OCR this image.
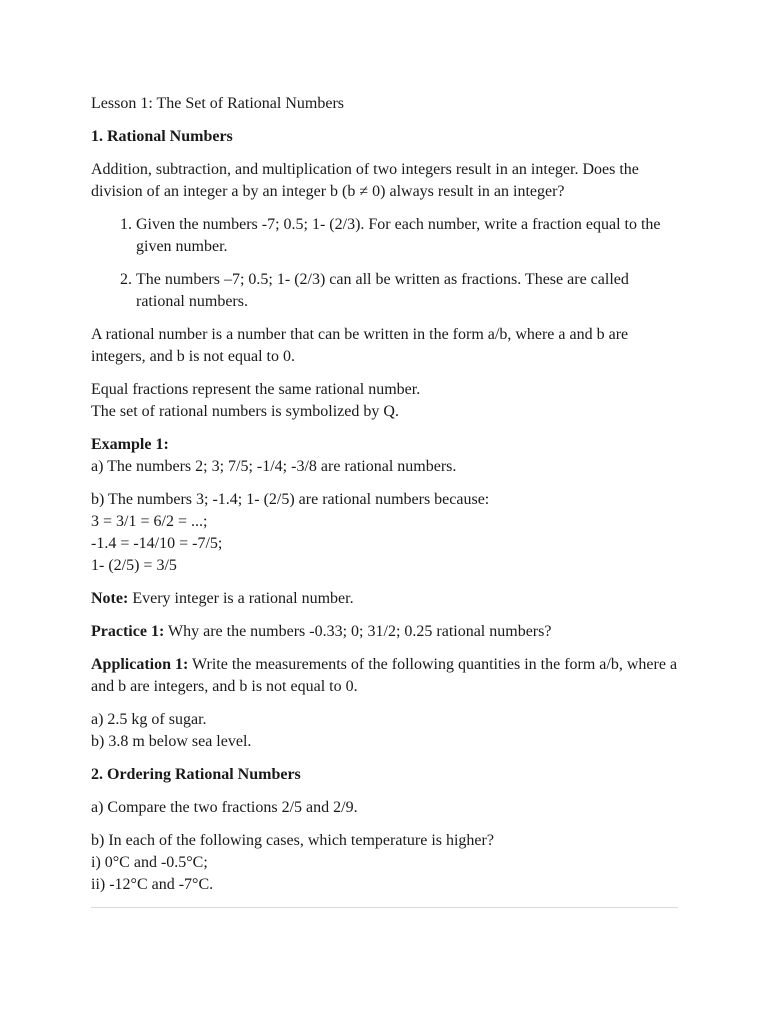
Lesson 1: The Set of Rational Numbers

1. Rational Numbers

Addition, subtraction, and multiplication of two integers result in an integer. Does the division of an integer a by an integer b (b ≠ 0) always result in an integer?

1. Given the numbers -7; 0.5; 1- (2/3). For each number, write a fraction equal to the given number.
2. The numbers –7; 0.5; 1- (2/3) can all be written as fractions. These are called rational numbers.

A rational number is a number that can be written in the form a/b, where a and b are integers, and b is not equal to 0.

Equal fractions represent the same rational number.
The set of rational numbers is symbolized by Q.

Example 1:
a) The numbers 2; 3; 7/5; -1/4; -3/8 are rational numbers.

b) The numbers 3; -1.4; 1- (2/5) are rational numbers because:
3 = 3/1 = 6/2 = ...;
-1.4 = -14/10 = -7/5;
1- (2/5) = 3/5

Note: Every integer is a rational number.

Practice 1: Why are the numbers -0.33; 0; 31/2; 0.25 rational numbers?

Application 1: Write the measurements of the following quantities in the form a/b, where a and b are integers, and b is not equal to 0.

a) 2.5 kg of sugar.
b) 3.8 m below sea level.

2. Ordering Rational Numbers

a) Compare the two fractions 2/5 and 2/9.

b) In each of the following cases, which temperature is higher?
i) 0°C and -0.5°C;
ii) -12°C and -7°C.
